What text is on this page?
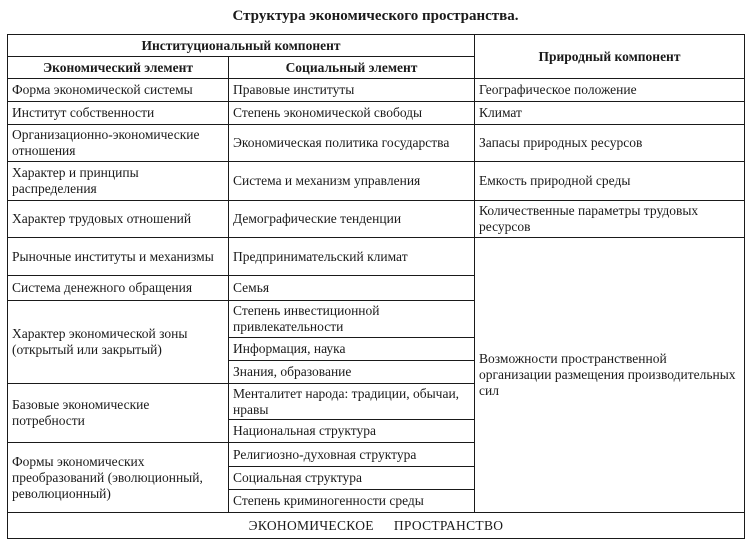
Структура экономического пространства.
Институциональный компонент		Природный компонент
Экономический элемент	Социальный элемент	
Форма экономической системы	Правовые институты	Географическое положение
Институт собственности	Степень экономической свободы	Климат
Организационно-экономические отношения	Экономическая политика государства	Запасы природных ресурсов
Характер и принципы распределения	Система и механизм управления	Емкость природной среды
Характер трудовых отношений	Демографические тенденции	Количественные параметры трудовых ресурсов
Рыночные институты и механизмы	Предпринимательский климат	Возможности пространственной организации размещения производительных сил
Система денежного обращения	Семья	
Характер экономической зоны (открытый или закрытый)	Степень инвестиционной привлекательности	
	Информация, наука	
	Знания, образование	
Базовые экономические потребности	Менталитет народа: традиции, обычаи, нравы	
	Национальная структура	
Формы экономических преобразований (эволюционный, революционный)	Религиозно-духовная структура	
	Социальная структура	
	Степень криминогенности среды	
ЭКОНОМИЧЕСКОЕ ПРОСТРАНСТВО		
